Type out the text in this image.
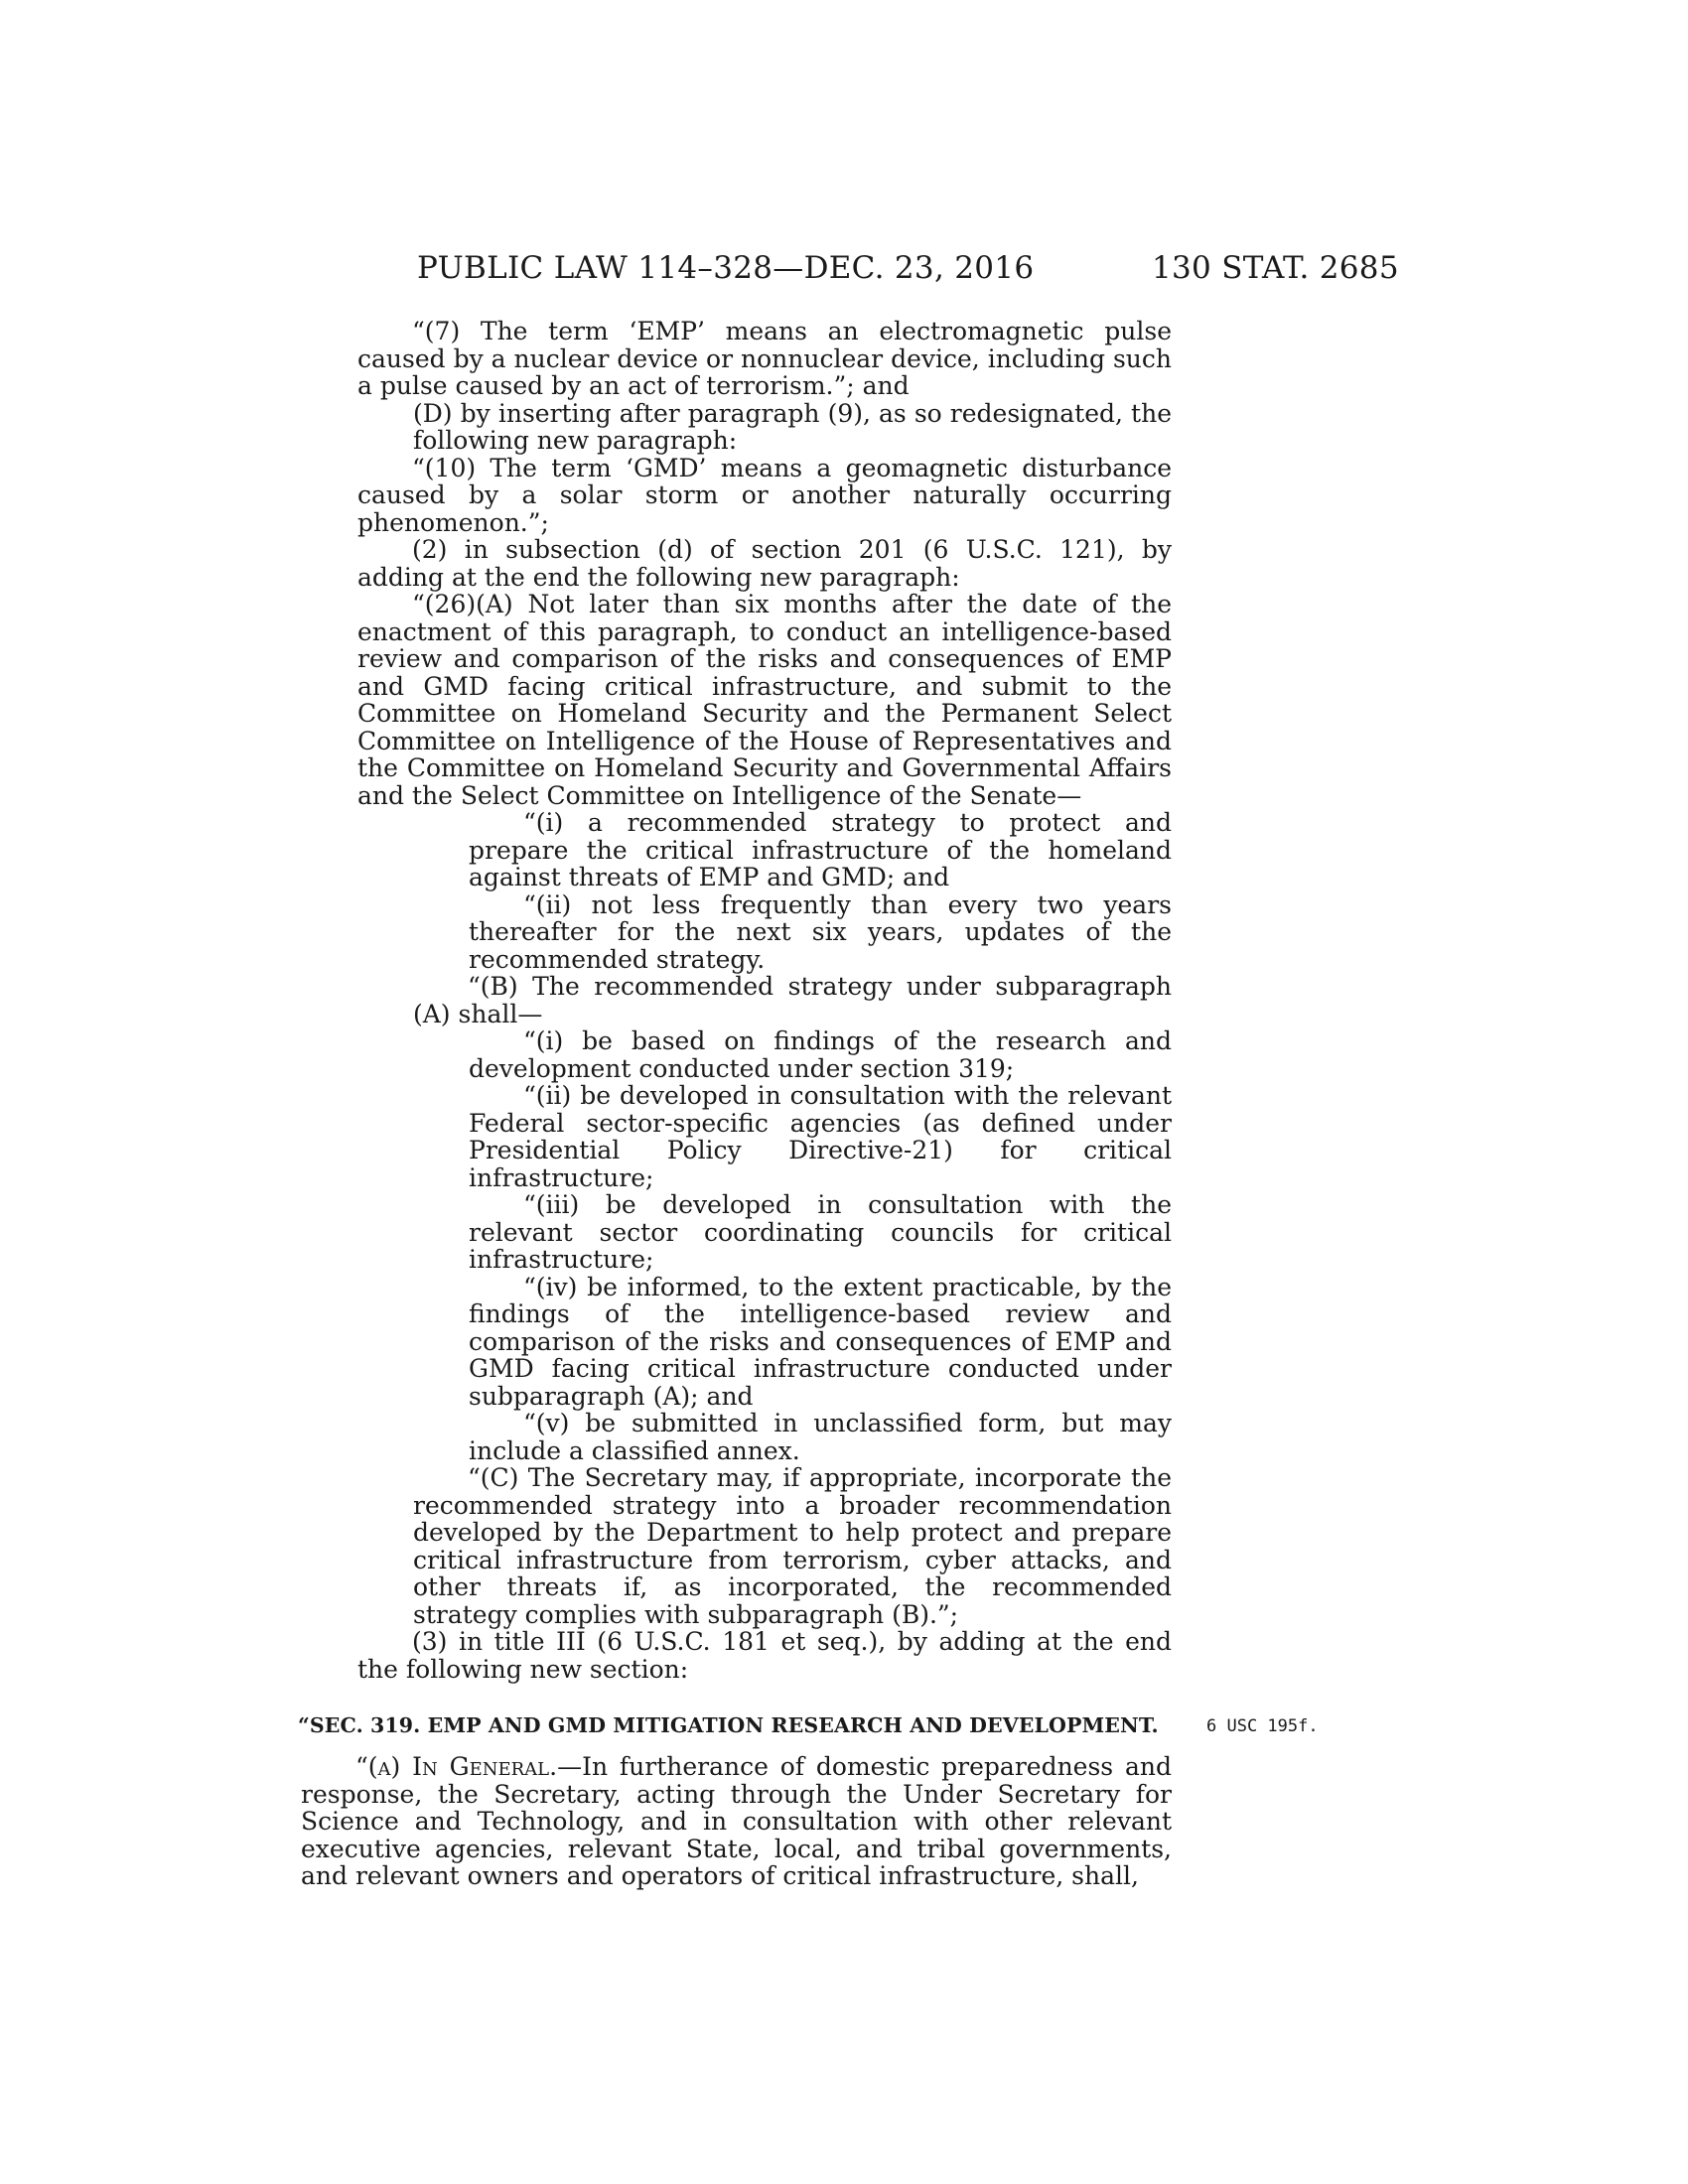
PUBLIC LAW 114–328—DEC. 23, 2016	130 STAT. 2685

“(7) The term ‘EMP’ means an electromagnetic pulse caused by a nuclear device or nonnuclear device, including such a pulse caused by an act of terrorism.”; and

(D) by inserting after paragraph (9), as so redesignated, the following new paragraph:

“(10) The term ‘GMD’ means a geomagnetic disturbance caused by a solar storm or another naturally occurring phenomenon.”;

(2) in subsection (d) of section 201 (6 U.S.C. 121), by adding at the end the following new paragraph:

“(26)(A) Not later than six months after the date of the enactment of this paragraph, to conduct an intelligence-based review and comparison of the risks and consequences of EMP and GMD facing critical infrastructure, and submit to the Committee on Homeland Security and the Permanent Select Committee on Intelligence of the House of Representatives and the Committee on Homeland Security and Governmental Affairs and the Select Committee on Intelligence of the Senate—

“(i) a recommended strategy to protect and prepare the critical infrastructure of the homeland against threats of EMP and GMD; and

“(ii) not less frequently than every two years thereafter for the next six years, updates of the recommended strategy.

“(B) The recommended strategy under subparagraph (A) shall—

“(i) be based on findings of the research and development conducted under section 319;

“(ii) be developed in consultation with the relevant Federal sector-specific agencies (as defined under Presidential Policy Directive-21) for critical infrastructure;

“(iii) be developed in consultation with the relevant sector coordinating councils for critical infrastructure;

“(iv) be informed, to the extent practicable, by the findings of the intelligence-based review and comparison of the risks and consequences of EMP and GMD facing critical infrastructure conducted under subparagraph (A); and

“(v) be submitted in unclassified form, but may include a classified annex.

“(C) The Secretary may, if appropriate, incorporate the recommended strategy into a broader recommendation developed by the Department to help protect and prepare critical infrastructure from terrorism, cyber attacks, and other threats if, as incorporated, the recommended strategy complies with subparagraph (B).”;

(3) in title III (6 U.S.C. 181 et seq.), by adding at the end the following new section:

“SEC. 319. EMP AND GMD MITIGATION RESEARCH AND DEVELOPMENT.	6 USC 195f.

“(a) In General.—In furtherance of domestic preparedness and response, the Secretary, acting through the Under Secretary for Science and Technology, and in consultation with other relevant executive agencies, relevant State, local, and tribal governments, and relevant owners and operators of critical infrastructure, shall,
